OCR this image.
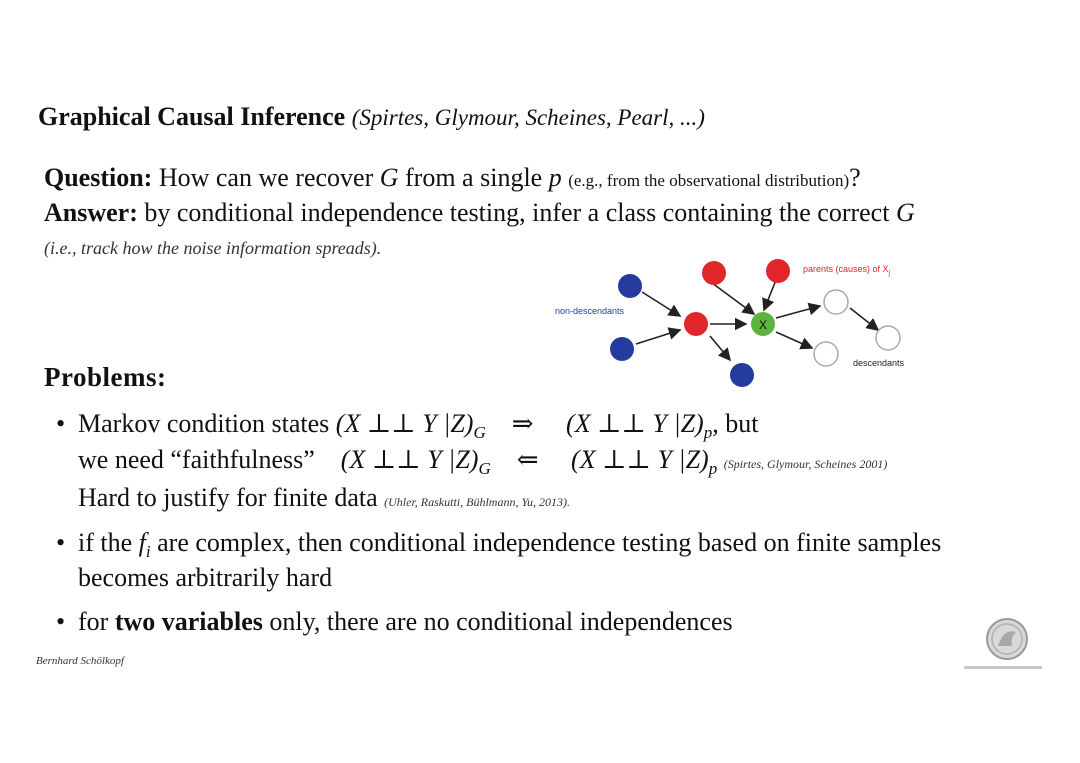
Graphical Causal Inference (Spirtes, Glymour, Scheines, Pearl, ...)
Question: How can we recover G from a single p (e.g., from the observational distribution)?
Answer: by conditional independence testing, infer a class containing the correct G
(i.e., track how the noise information spreads).
X
parents (causes) of $X_j$
non-descendants
descendants
Problems:
• Markov condition states (X ⊥⊥ Y $|Z)_G$ ⇒ (X ⊥⊥ Y $|Z)_p$, but
we need “faithfulness” (X ⊥⊥ Y $|Z)_G$ ⇐ (X ⊥⊥ Y $|Z)_p$ (Spirtes, Glymour, Scheines 2001)
Hard to justify for finite data (Uhler, Raskutti, Bühlmann, Yu, 2013).
• if the $f_i$ are complex, then conditional independence testing based on finite samples
becomes arbitrarily hard
• for two variables only, there are no conditional independences
Bernhard Schölkopf
